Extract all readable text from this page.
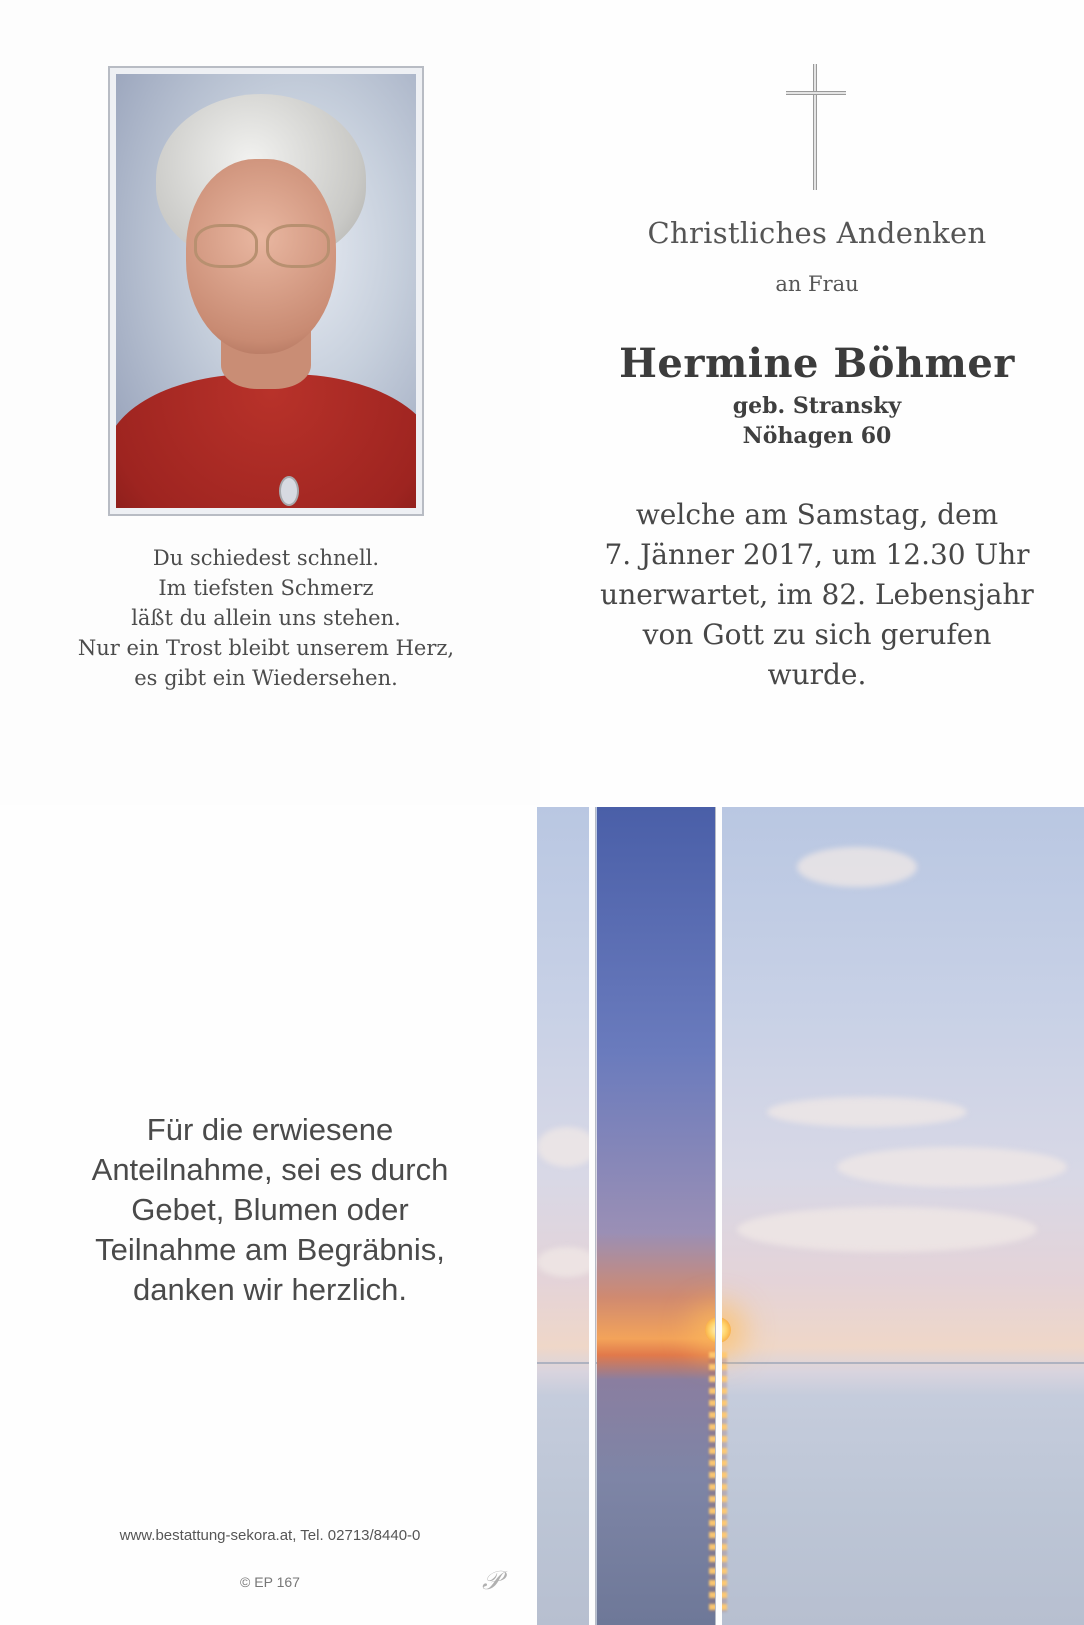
Du schiedest schnell.
Im tiefsten Schmerz
läßt du allein uns stehen.
Nur ein Trost bleibt unserem Herz,
es gibt ein Wiedersehen.
Christliches Andenken
an Frau
Hermine Böhmer
geb. Stransky
Nöhagen 60
welche am Samstag, dem
7. Jänner 2017, um 12.30 Uhr
unerwartet, im 82. Lebensjahr
von Gott zu sich gerufen
wurde.
Für die erwiesene
Anteilnahme, sei es durch
Gebet, Blumen oder
Teilnahme am Begräbnis,
danken wir herzlich.
www.bestattung-sekora.at, Tel. 02713/8440-0
© EP 167	𝒫
